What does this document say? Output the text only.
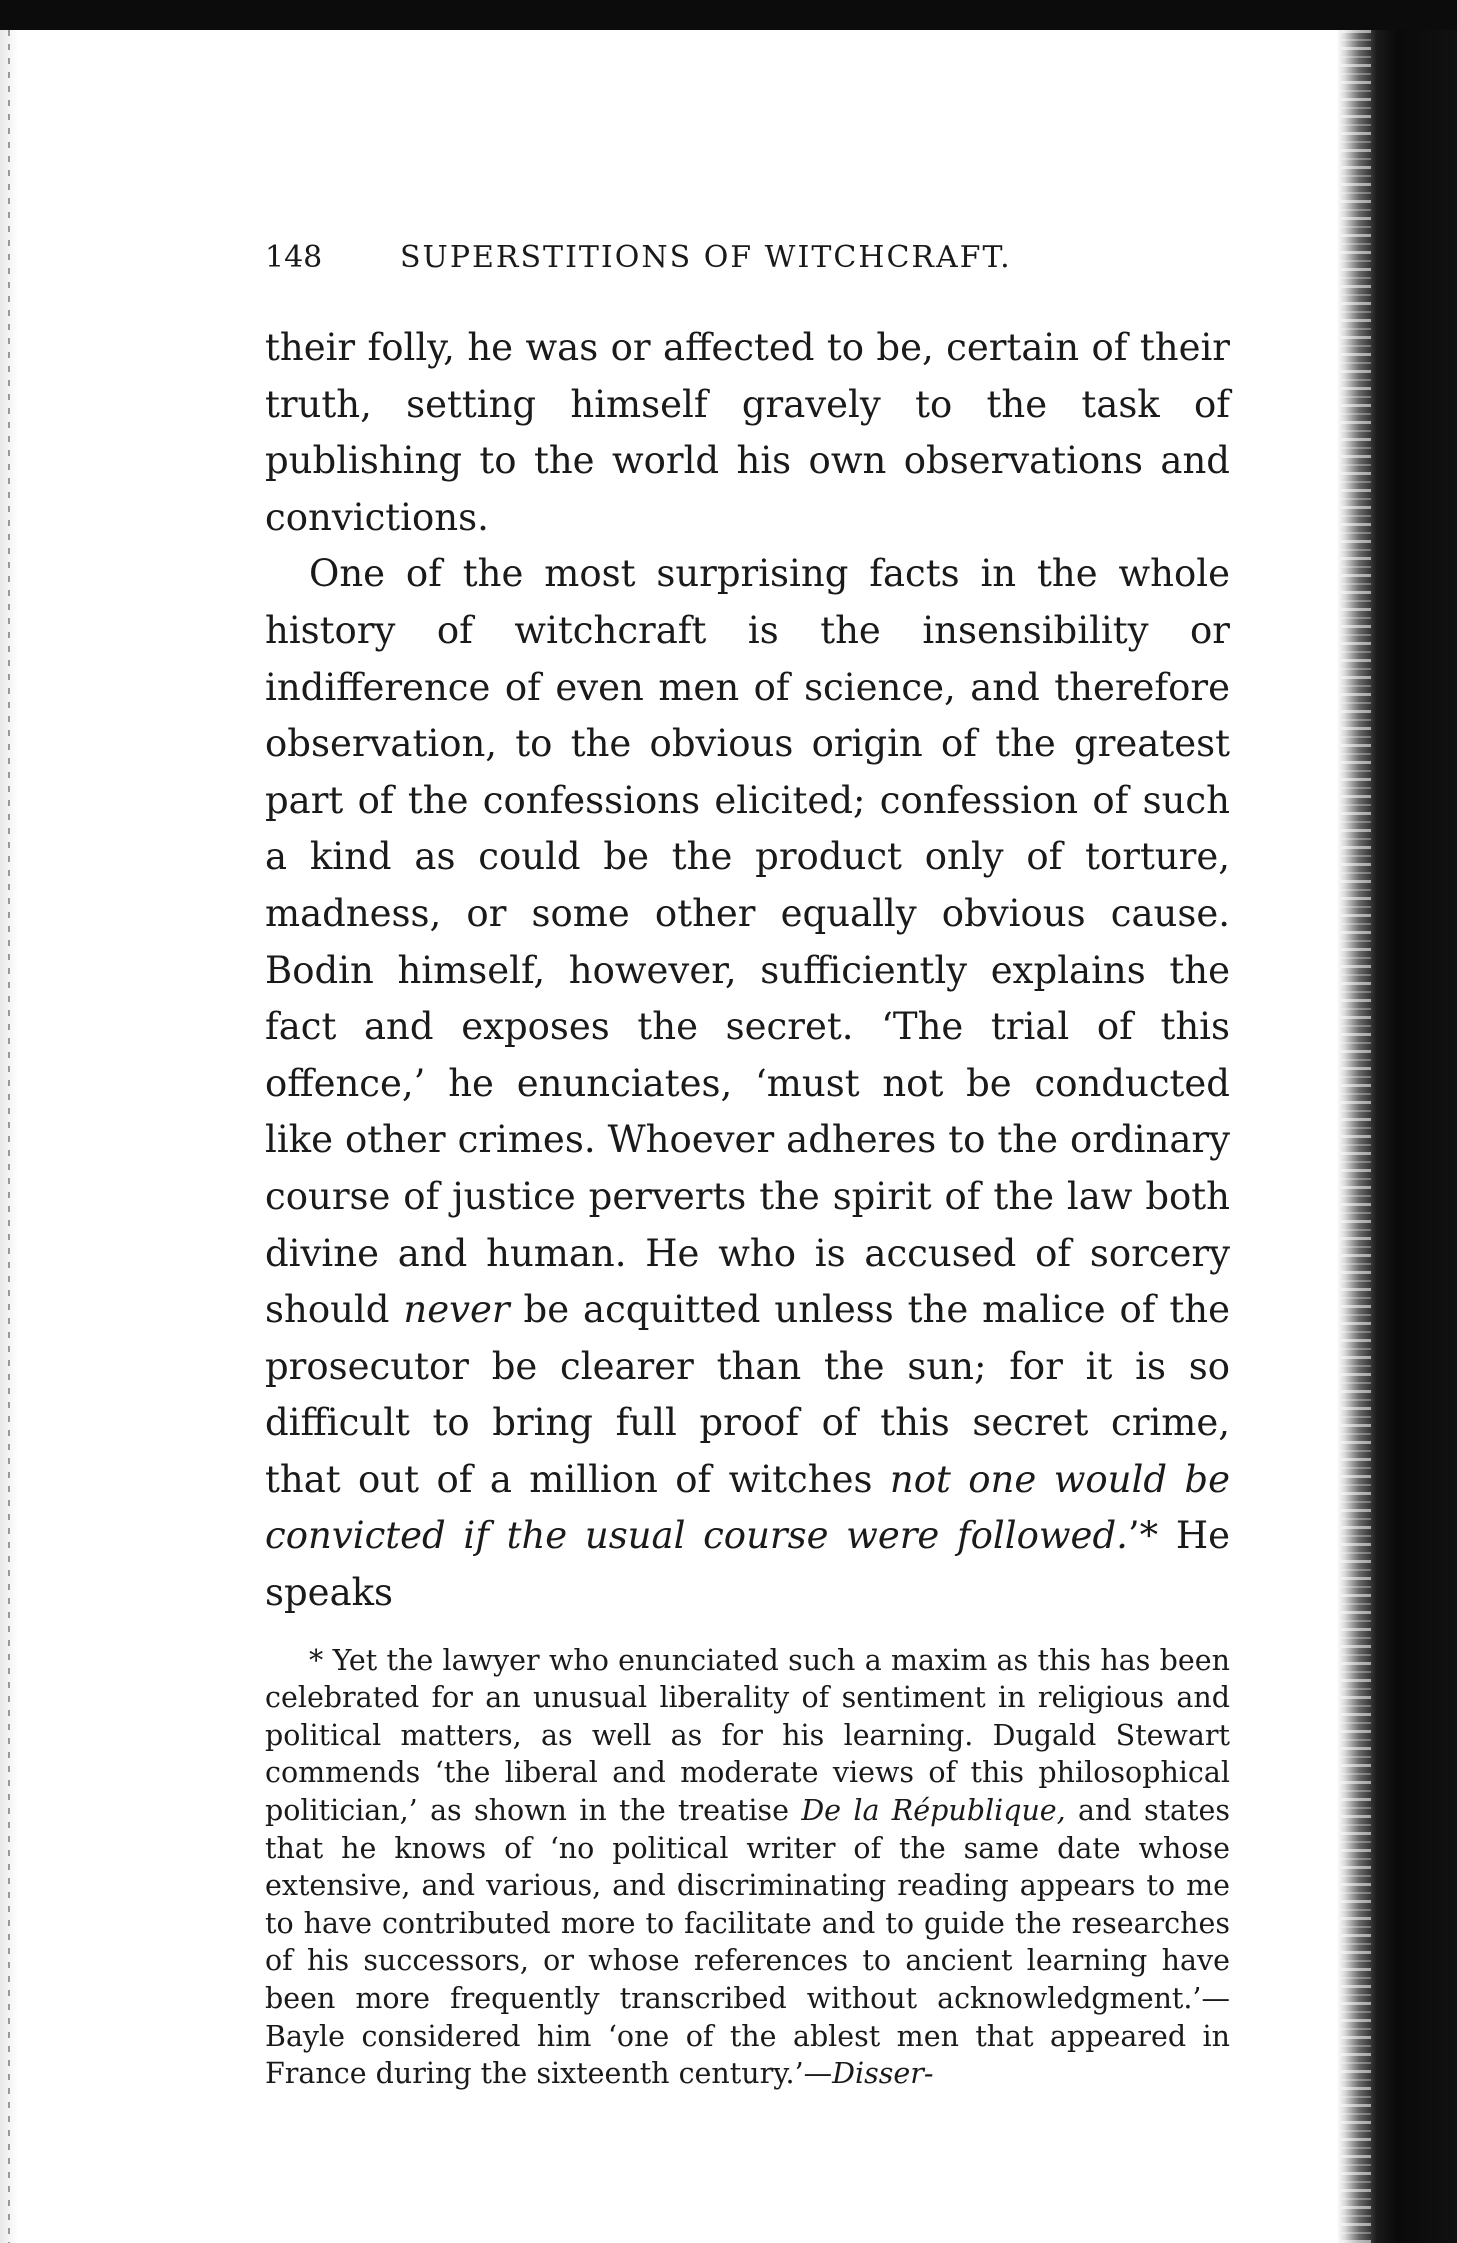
148	SUPERSTITIONS OF WITCHCRAFT.

their folly, he was or affected to be, certain of their truth, setting himself gravely to the task of publishing to the world his own observations and convictions.

One of the most surprising facts in the whole history of witchcraft is the insensibility or indifference of even men of science, and therefore observation, to the obvious origin of the greatest part of the confessions elicited; confession of such a kind as could be the product only of torture, madness, or some other equally obvious cause. Bodin himself, however, sufficiently explains the fact and exposes the secret. ‘The trial of this offence,’ he enunciates, ‘must not be conducted like other crimes. Whoever adheres to the ordinary course of justice perverts the spirit of the law both divine and human. He who is accused of sorcery should never be acquitted unless the malice of the prosecutor be clearer than the sun; for it is so difficult to bring full proof of this secret crime, that out of a million of witches not one would be convicted if the usual course were followed.’* He speaks

* Yet the lawyer who enunciated such a maxim as this has been celebrated for an unusual liberality of sentiment in religious and political matters, as well as for his learning. Dugald Stewart commends ‘the liberal and moderate views of this philosophical politician,’ as shown in the treatise De la République, and states that he knows of ‘no political writer of the same date whose extensive, and various, and discriminating reading appears to me to have contributed more to facilitate and to guide the researches of his successors, or whose references to ancient learning have been more frequently transcribed without acknowledgment.’—Bayle considered him ‘one of the ablest men that appeared in France during the sixteenth century.’—Disser-
